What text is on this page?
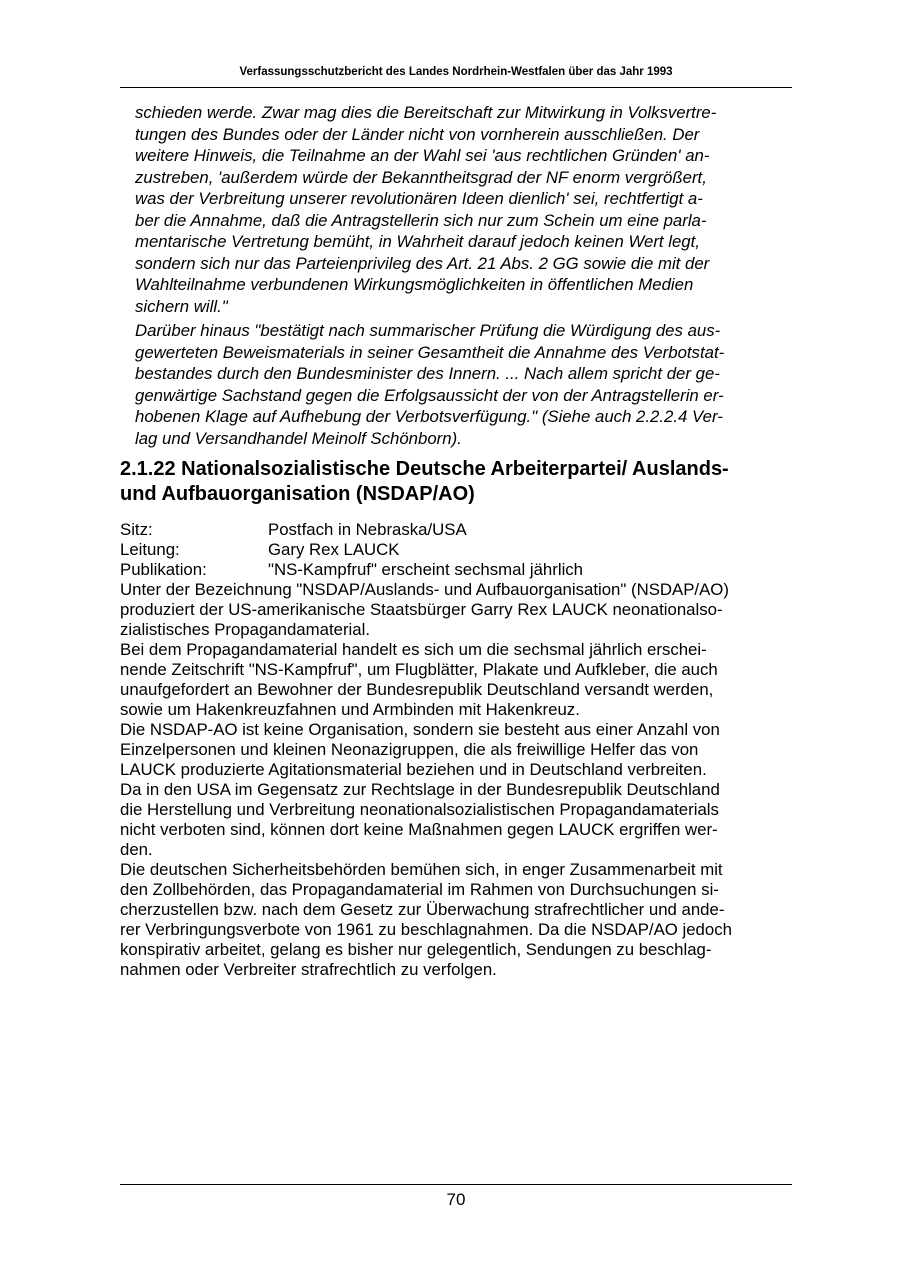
Verfassungsschutzbericht des Landes Nordrhein-Westfalen über das Jahr 1993
schieden werde. Zwar mag dies die Bereitschaft zur Mitwirkung in Volksvertre-
tungen des Bundes oder der Länder nicht von vornherein ausschließen. Der
weitere Hinweis, die Teilnahme an der Wahl sei 'aus rechtlichen Gründen' an-
zustreben, 'außerdem würde der Bekanntheitsgrad der NF enorm vergrößert,
was der Verbreitung unserer revolutionären Ideen dienlich' sei, rechtfertigt a-
ber die Annahme, daß die Antragstellerin sich nur zum Schein um eine parla-
mentarische Vertretung bemüht, in Wahrheit darauf jedoch keinen Wert legt,
sondern sich nur das Parteienprivileg des Art. 21 Abs. 2 GG sowie die mit der
Wahlteilnahme verbundenen Wirkungsmöglichkeiten in öffentlichen Medien
sichern will."
Darüber hinaus "bestätigt nach summarischer Prüfung die Würdigung des aus-
gewerteten Beweismaterials in seiner Gesamtheit die Annahme des Verbotstat-
bestandes durch den Bundesminister des Innern. ... Nach allem spricht der ge-
genwärtige Sachstand gegen die Erfolgsaussicht der von der Antragstellerin er-
hobenen Klage auf Aufhebung der Verbotsverfügung." (Siehe auch 2.2.2.4 Ver-
lag und Versandhandel Meinolf Schönborn).
2.1.22 Nationalsozialistische Deutsche Arbeiterpartei/ Auslands-
und Aufbauorganisation (NSDAP/AO)
Sitz:	Postfach in Nebraska/USA
Leitung:	Gary Rex LAUCK
Publikation:	"NS-Kampfruf" erscheint sechsmal jährlich
Unter der Bezeichnung "NSDAP/Auslands- und Aufbauorganisation" (NSDAP/AO)
produziert der US-amerikanische Staatsbürger Garry Rex LAUCK neonationalso-
zialistisches Propagandamaterial.
Bei dem Propagandamaterial handelt es sich um die sechsmal jährlich erschei-
nende Zeitschrift "NS-Kampfruf", um Flugblätter, Plakate und Aufkleber, die auch
unaufgefordert an Bewohner der Bundesrepublik Deutschland versandt werden,
sowie um Hakenkreuzfahnen und Armbinden mit Hakenkreuz.
Die NSDAP-AO ist keine Organisation, sondern sie besteht aus einer Anzahl von
Einzelpersonen und kleinen Neonazigruppen, die als freiwillige Helfer das von
LAUCK produzierte Agitationsmaterial beziehen und in Deutschland verbreiten.
Da in den USA im Gegensatz zur Rechtslage in der Bundesrepublik Deutschland
die Herstellung und Verbreitung neonationalsozialistischen Propagandamaterials
nicht verboten sind, können dort keine Maßnahmen gegen LAUCK ergriffen wer-
den.
Die deutschen Sicherheitsbehörden bemühen sich, in enger Zusammenarbeit mit
den Zollbehörden, das Propagandamaterial im Rahmen von Durchsuchungen si-
cherzustellen bzw. nach dem Gesetz zur Überwachung strafrechtlicher und ande-
rer Verbringungsverbote von 1961 zu beschlagnahmen. Da die NSDAP/AO jedoch
konspirativ arbeitet, gelang es bisher nur gelegentlich, Sendungen zu beschlag-
nahmen oder Verbreiter strafrechtlich zu verfolgen.
70
